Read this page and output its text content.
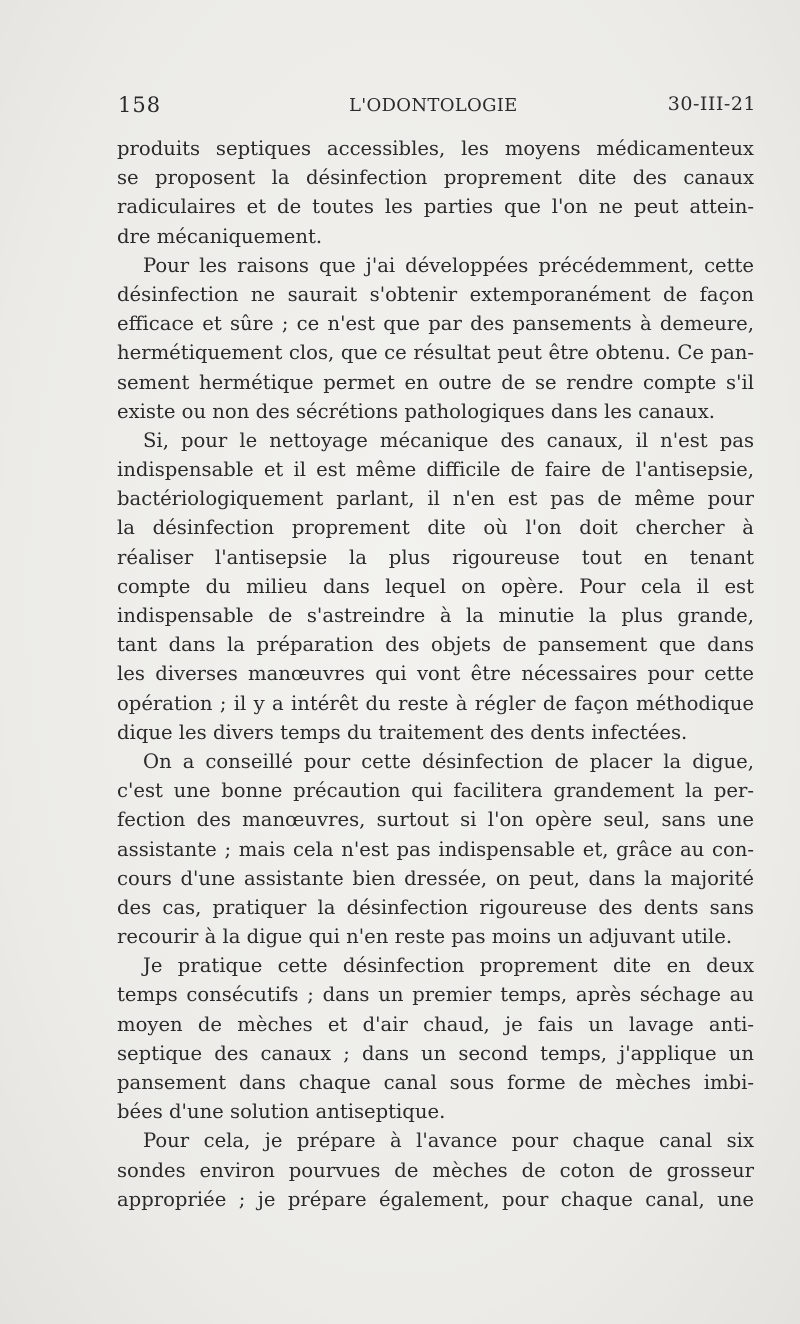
158	L'ODONTOLOGIE	30-III-21
produits septiques accessibles, les moyens médicamenteux
se proposent la désinfection proprement dite des canaux
radiculaires et de toutes les parties que l'on ne peut attein-
dre mécaniquement.
Pour les raisons que j'ai développées précédemment, cette
désinfection ne saurait s'obtenir extemporanément de façon
efficace et sûre ; ce n'est que par des pansements à demeure,
hermétiquement clos, que ce résultat peut être obtenu. Ce pan-
sement hermétique permet en outre de se rendre compte s'il
existe ou non des sécrétions pathologiques dans les canaux.
Si, pour le nettoyage mécanique des canaux, il n'est pas
indispensable et il est même difficile de faire de l'antisepsie,
bactériologiquement parlant, il n'en est pas de même pour
la désinfection proprement dite où l'on doit chercher à
réaliser l'antisepsie la plus rigoureuse tout en tenant
compte du milieu dans lequel on opère. Pour cela il est
indispensable de s'astreindre à la minutie la plus grande,
tant dans la préparation des objets de pansement que dans
les diverses manœuvres qui vont être nécessaires pour cette
opération ; il y a intérêt du reste à régler de façon méthodique
dique les divers temps du traitement des dents infectées.
On a conseillé pour cette désinfection de placer la digue,
c'est une bonne précaution qui facilitera grandement la per-
fection des manœuvres, surtout si l'on opère seul, sans une
assistante ; mais cela n'est pas indispensable et, grâce au con-
cours d'une assistante bien dressée, on peut, dans la majorité
des cas, pratiquer la désinfection rigoureuse des dents sans
recourir à la digue qui n'en reste pas moins un adjuvant utile.
Je pratique cette désinfection proprement dite en deux
temps consécutifs ; dans un premier temps, après séchage au
moyen de mèches et d'air chaud, je fais un lavage anti-
septique des canaux ; dans un second temps, j'applique un
pansement dans chaque canal sous forme de mèches imbi-
bées d'une solution antiseptique.
Pour cela, je prépare à l'avance pour chaque canal six
sondes environ pourvues de mèches de coton de grosseur
appropriée ; je prépare également, pour chaque canal, une
